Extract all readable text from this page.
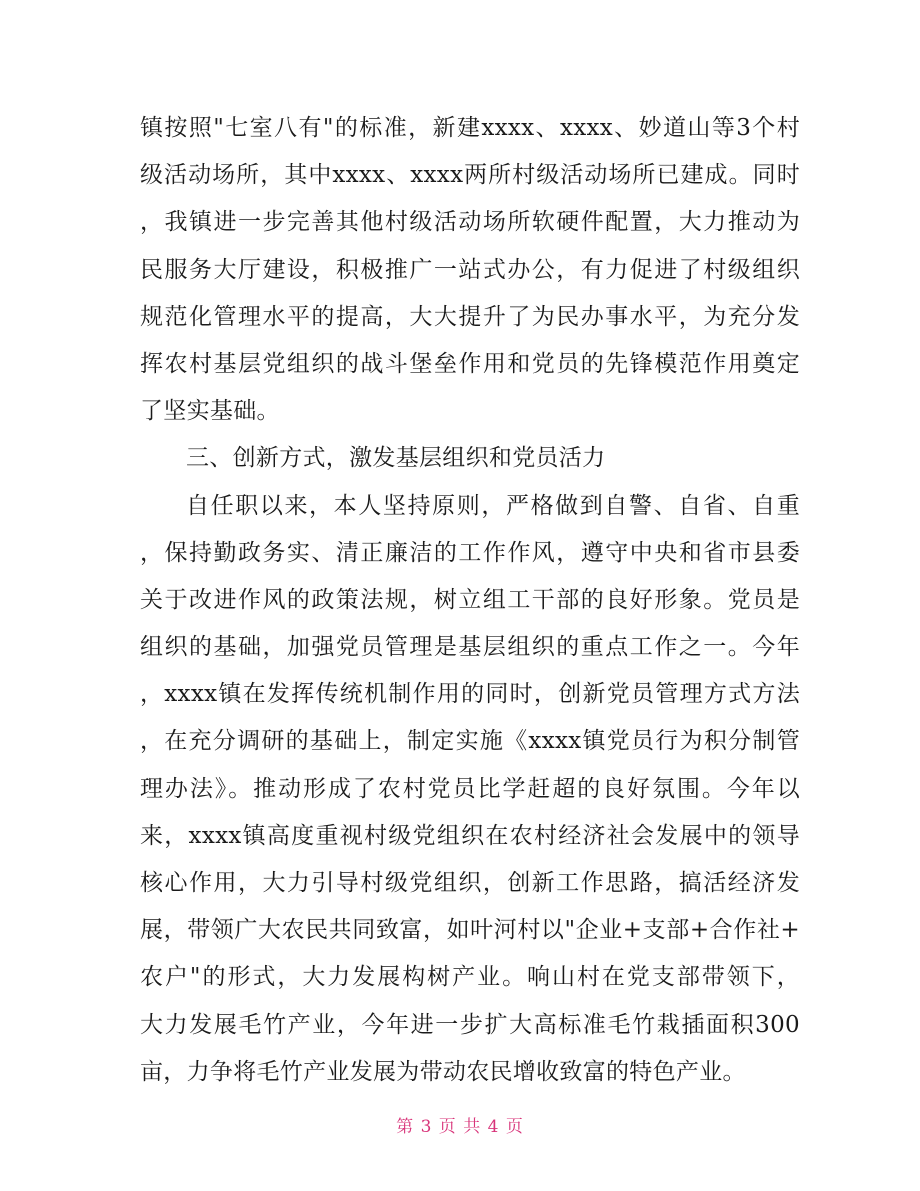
镇按照"七室八有"的标准，新建xxxx、xxxx、妙道山等3个村
级活动场所，其中xxxx、xxxx两所村级活动场所已建成。同时
，我镇进一步完善其他村级活动场所软硬件配置，大力推动为
民服务大厅建设，积极推广一站式办公，有力促进了村级组织
规范化管理水平的提高，大大提升了为民办事水平，为充分发
挥农村基层党组织的战斗堡垒作用和党员的先锋模范作用奠定
了坚实基础。
三、创新方式，激发基层组织和党员活力
自任职以来，本人坚持原则，严格做到自警、自省、自重
，保持勤政务实、清正廉洁的工作作风，遵守中央和省市县委
关于改进作风的政策法规，树立组工干部的良好形象。党员是
组织的基础，加强党员管理是基层组织的重点工作之一。今年
，xxxx镇在发挥传统机制作用的同时，创新党员管理方式方法
，在充分调研的基础上，制定实施《xxxx镇党员行为积分制管
理办法》。推动形成了农村党员比学赶超的良好氛围。今年以
来，xxxx镇高度重视村级党组织在农村经济社会发展中的领导
核心作用，大力引导村级党组织，创新工作思路，搞活经济发
展，带领广大农民共同致富，如叶河村以"企业+支部+合作社+
农户"的形式，大力发展构树产业。响山村在党支部带领下，
大力发展毛竹产业，今年进一步扩大高标准毛竹栽插面积300
亩，力争将毛竹产业发展为带动农民增收致富的特色产业。
第 3 页 共 4 页
